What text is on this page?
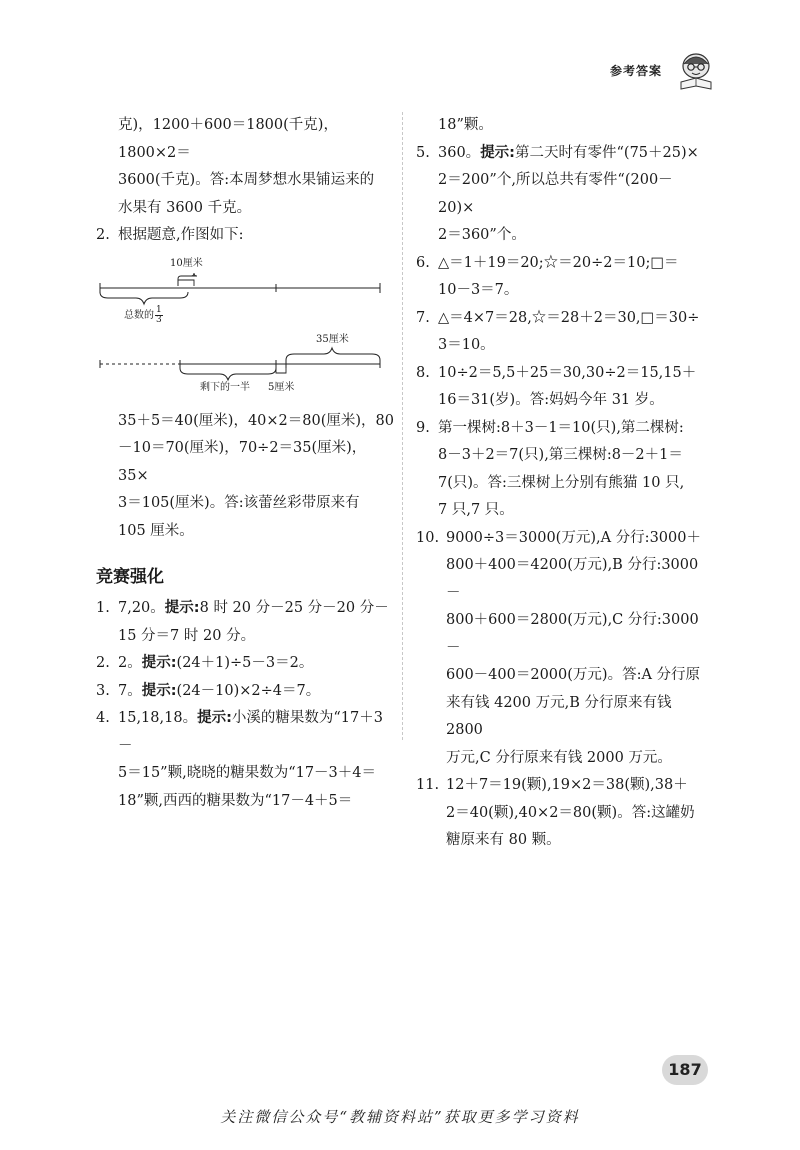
参考答案
克)，1200＋600＝1800(千克)，1800×2＝
3600(千克)。答:本周梦想水果铺运来的
水果有 3600 千克。
2. 根据题意,作图如下:
10厘米
总数的 $\frac{1}{3}$
35厘米
剩下的一半 5厘米
35＋5＝40(厘米)，40×2＝80(厘米)，80
－10＝70(厘米)，70÷2＝35(厘米)，35×
3＝105(厘米)。答:该蕾丝彩带原来有
105 厘米。
竞赛强化
1. 7,20。提示:8 时 20 分－25 分－20 分－
15 分＝7 时 20 分。
2. 2。提示:(24＋1)÷5－3＝2。
3. 7。提示:(24－10)×2÷4＝7。
4. 15,18,18。提示:小溪的糖果数为“17＋3－
5＝15”颗,晓晓的糖果数为“17－3＋4＝
18”颗,西西的糖果数为“17－4＋5＝
18”颗。
5. 360。提示:第二天时有零件“(75＋25)×
2＝200”个,所以总共有零件“(200－20)×
2＝360”个。
6. △＝1＋19＝20;☆＝20÷2＝10;□＝
10－3＝7。
7. △＝4×7＝28,☆＝28＋2＝30,□＝30÷
3＝10。
8. 10÷2＝5,5＋25＝30,30÷2＝15,15＋
16＝31(岁)。答:妈妈今年 31 岁。
9. 第一棵树:8＋3－1＝10(只),第二棵树:
8－3＋2＝7(只),第三棵树:8－2＋1＝
7(只)。答:三棵树上分别有熊猫 10 只,
7 只,7 只。
10. 9000÷3＝3000(万元),A 分行:3000＋
800＋400＝4200(万元),B 分行:3000－
800＋600＝2800(万元),C 分行:3000－
600－400＝2000(万元)。答:A 分行原
来有钱 4200 万元,B 分行原来有钱 2800
万元,C 分行原来有钱 2000 万元。
11. 12＋7＝19(颗),19×2＝38(颗),38＋
2＝40(颗),40×2＝80(颗)。答:这罐奶
糖原来有 80 颗。
187
关注微信公众号“教辅资料站”获取更多学习资料
